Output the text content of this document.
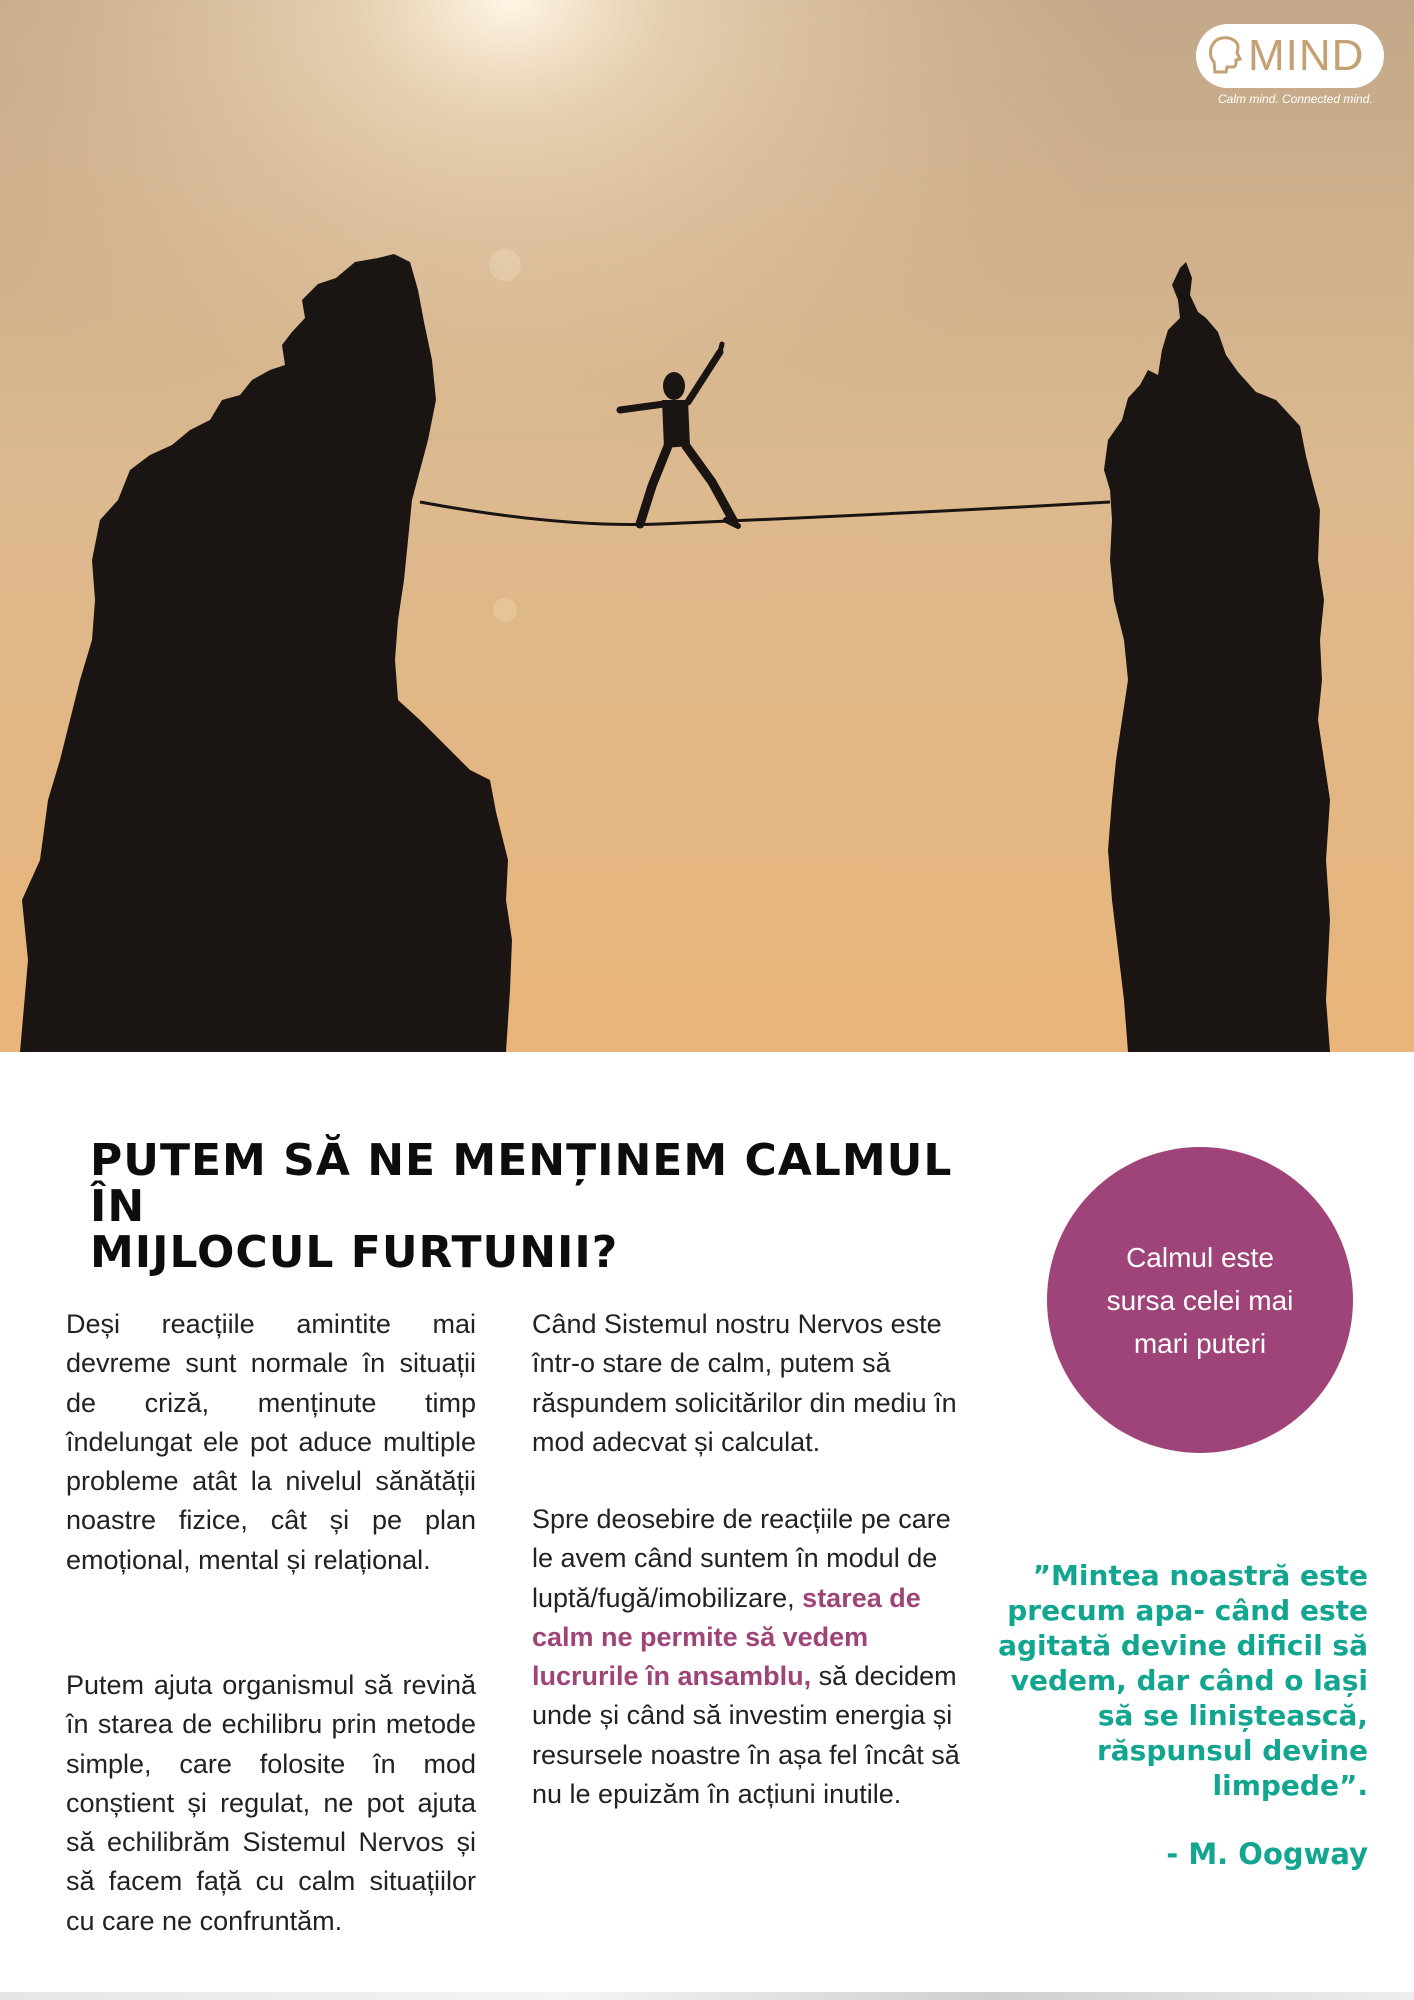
MIND
Calm mind. Connected mind.
PUTEM SĂ NE MENȚINEM CALMUL ÎN
MIJLOCUL FURTUNII?

Deși reacțiile amintite mai devreme sunt normale în situații de criză, menținute timp îndelungat ele pot aduce multiple probleme atât la nivelul sănătății noastre fizice, cât și pe plan emoțional, mental și relațional.

Putem ajuta organismul să revină în starea de echilibru prin metode simple, care folosite în mod conștient și regulat, ne pot ajuta să echilibrăm Sistemul Nervos și să facem față cu calm situațiilor cu care ne confruntăm.

Când Sistemul nostru Nervos este într-o stare de calm, putem să răspundem solicitărilor din mediu în mod adecvat și calculat.

Spre deosebire de reacțiile pe care le avem când suntem în modul de luptă/fugă/imobilizare, starea de calm ne permite să vedem lucrurile în ansamblu, să decidem unde și când să investim energia și resursele noastre în așa fel încât să nu le epuizăm în acțiuni inutile.

Calmul este sursa celei mai mari puteri

”Mintea noastră este precum apa- când este agitată devine dificil să vedem, dar când o lași să se liniștească, răspunsul devine limpede”.

- M. Oogway
